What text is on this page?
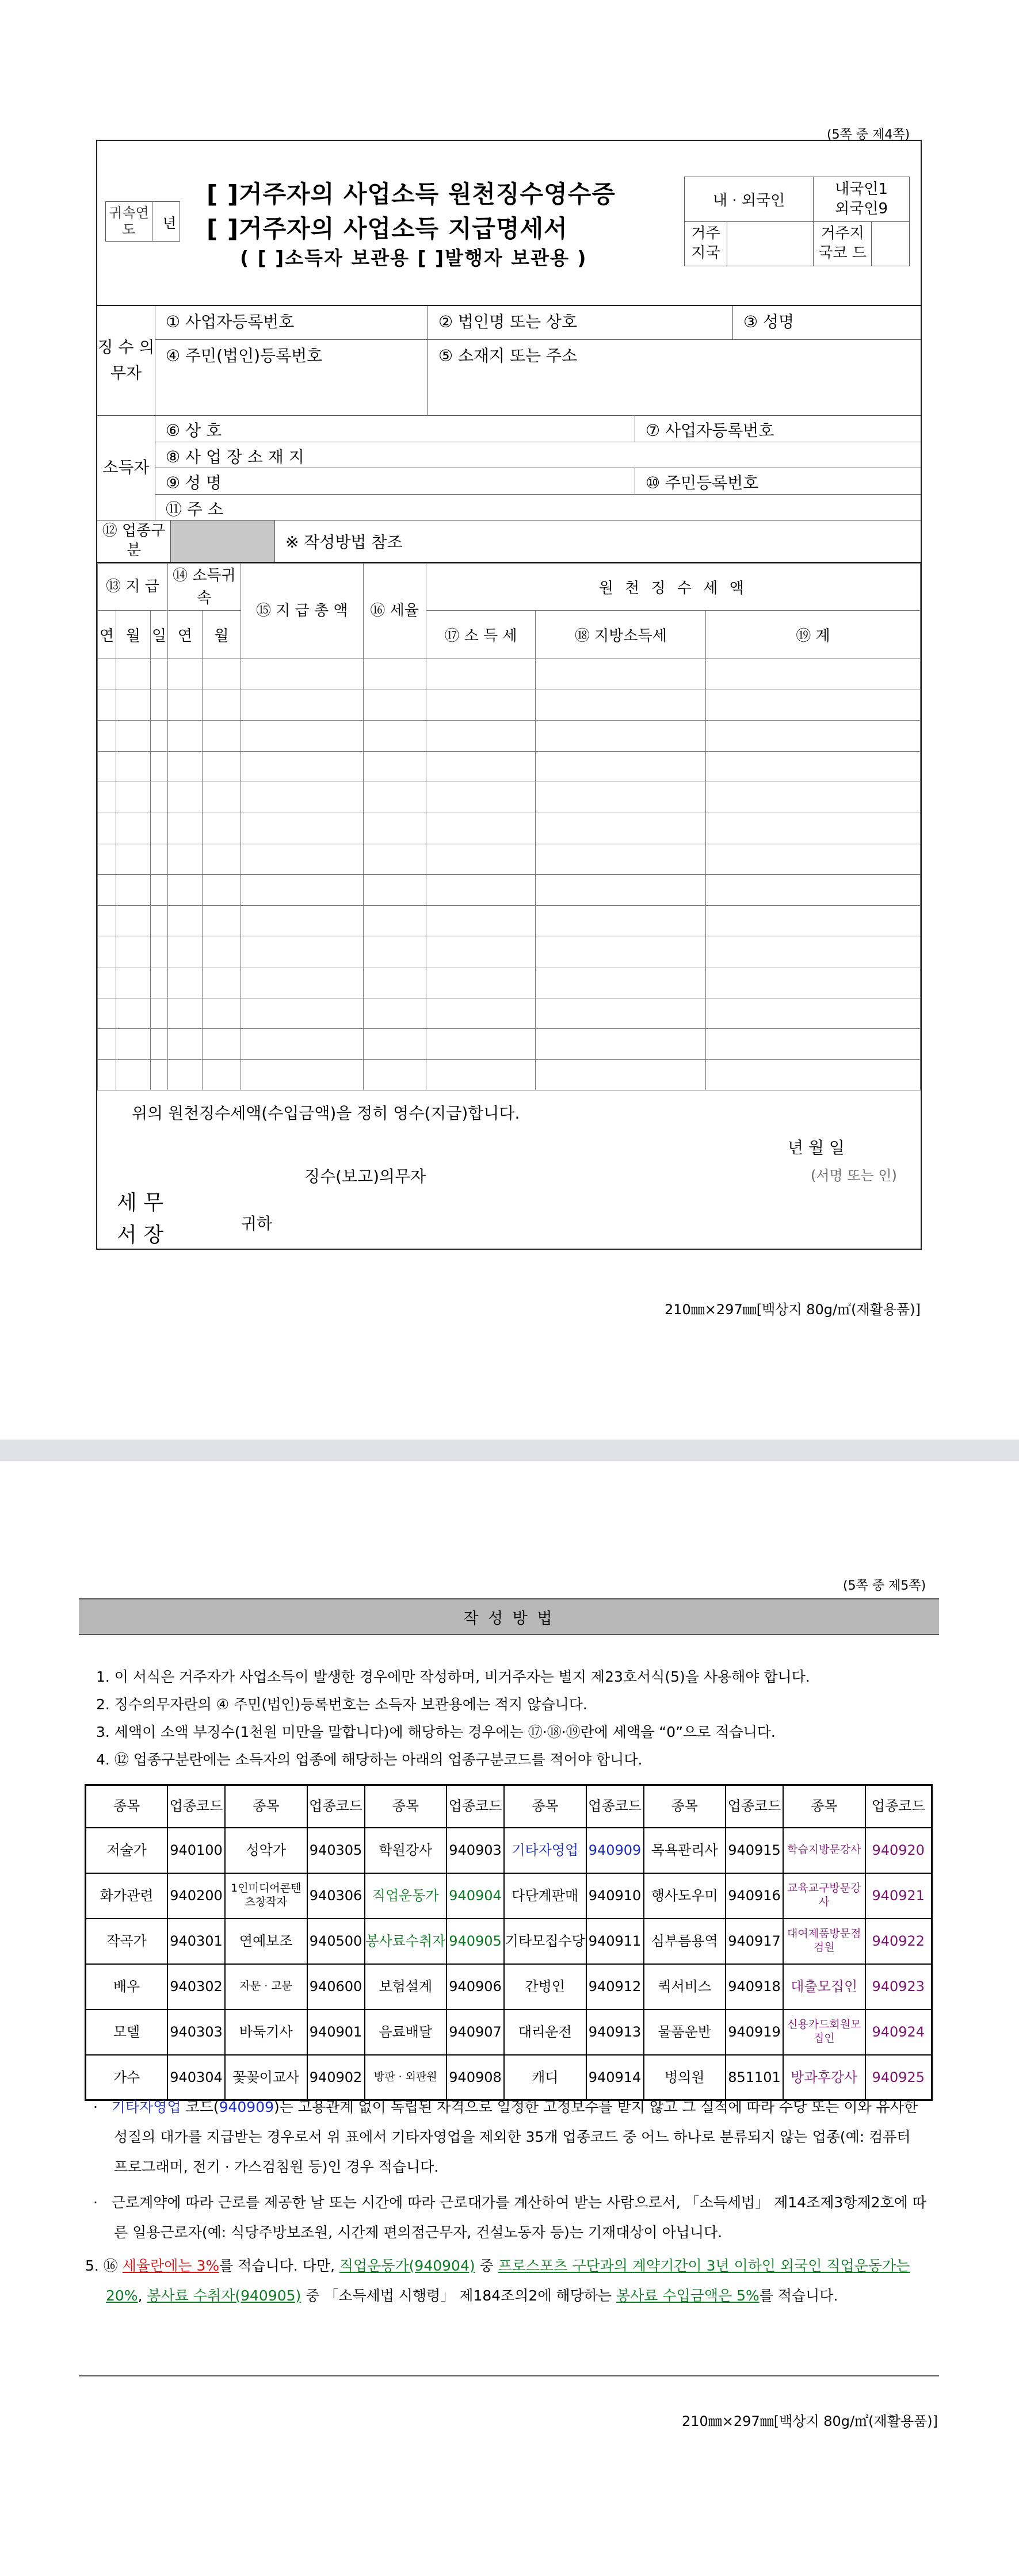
(5쪽 중 제4쪽)
귀속연도	년
[ ]거주자의 사업소득 원천징수영수증
[ ]거주자의 사업소득 지급명세서
( [ ]소득자 보관용 [ ]발행자 보관용 )
내 · 외국인		내국인1
외국인9
거주지국		거주지국코 드
징 수 의무자
① 사업자등록번호	② 법인명 또는 상호	③ 성명
④ 주민(법인)등록번호	⑤ 소재지 또는 주소
소득자
⑥ 상 호	⑦ 사업자등록번호
⑧ 사 업 장 소 재 지
⑨ 성 명	⑩ 주민등록번호
⑪ 주 소
⑫ 업종구분	※ 작성방법 참조
⑬ 지 급			⑭ 소득귀속		⑮ 지 급 총 액	⑯ 세율	원 천 징 수 세 액		
연	월	일	연	월			⑰ 소 득 세	⑱ 지방소득세	⑲ 계

위의 원천징수세액(수입금액)을 정히 영수(지급)합니다.
년 월 일
징수(보고)의무자	(서명 또는 인)
세 무 서 장	귀하
210㎜×297㎜[백상지 80g/㎡(재활용품)]
(5쪽 중 제5쪽)
작 성 방 법

1. 이 서식은 거주자가 사업소득이 발생한 경우에만 작성하며, 비거주자는 별지 제23호서식(5)을 사용해야 합니다.

2. 징수의무자란의 ④ 주민(법인)등록번호는 소득자 보관용에는 적지 않습니다.

3. 세액이 소액 부징수(1천원 미만을 말합니다)에 해당하는 경우에는 ⑰·⑱·⑲란에 세액을 “0”으로 적습니다.

4. ⑫ 업종구분란에는 소득자의 업종에 해당하는 아래의 업종구분코드를 적어야 합니다.

종목	업종코드	종목	업종코드	종목	업종코드	종목	업종코드	종목	업종코드	종목	업종코드
저술가	940100	성악가	940305	학원강사	940903	기타자영업	940909	목욕관리사	940915	학습지방문강사	940920
화가관련	940200	1인미디어콘텐츠창작자	940306	직업운동가	940904	다단계판매	940910	행사도우미	940916	교육교구방문강사	940921
작곡가	940301	연예보조	940500	봉사료수취자	940905	기타모집수당	940911	심부름용역	940917	대여제품방문점검원	940922
배우	940302	자문 · 고문	940600	보험설계	940906	간병인	940912	퀵서비스	940918	대출모집인	940923
모델	940303	바둑기사	940901	음료배달	940907	대리운전	940913	물품운반	940919	신용카드회원모집인	940924
가수	940304	꽃꽂이교사	940902	방판 · 외판원	940908	캐디	940914	병의원	851101	방과후강사	940925

·   기타자영업 코드(940909)는 고용관계 없이 독립된 자격으로 일정한 고정보수를 받지 않고 그 실적에 따라 수당 또는 이와 유사한 성질의 대가를 지급받는 경우로서 위 표에서 기타자영업을 제외한 35개 업종코드 중 어느 하나로 분류되지 않는 업종(예: 컴퓨터 프로그래머, 전기 · 가스검침원 등)인 경우 적습니다.

·   근로계약에 따라 근로를 제공한 날 또는 시간에 따라 근로대가를 계산하여 받는 사람으로서, 「소득세법」 제14조제3항제2호에 따른 일용근로자(예: 식당주방보조원, 시간제 편의점근무자, 건설노동자 등)는 기재대상이 아닙니다.

5. ⑯ 세율란에는 3%를 적습니다. 다만, 직업운동가(940904) 중 프로스포츠 구단과의 계약기간이 3년 이하인 외국인 직업운동가는 20%, 봉사료 수취자(940905) 중 「소득세법 시행령」 제184조의2에 해당하는 봉사료 수입금액은 5%를 적습니다.

210㎜×297㎜[백상지 80g/㎡(재활용품)]
